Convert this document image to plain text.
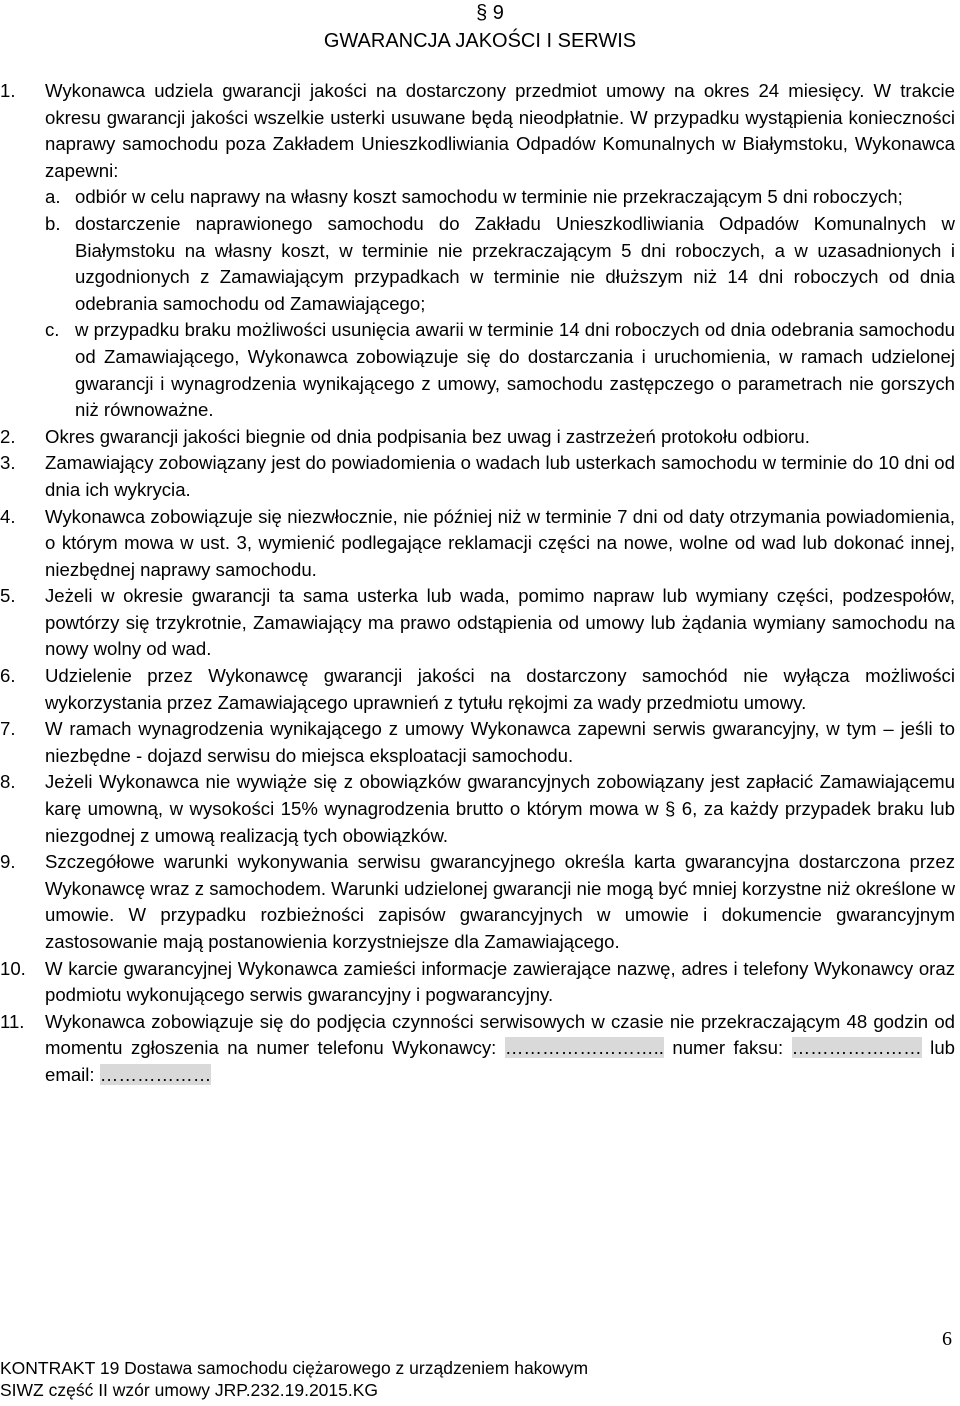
§ 9
GWARANCJA JAKOŚCI I SERWIS
1. Wykonawca udziela gwarancji jakości na dostarczony przedmiot umowy na okres 24 miesięcy. W trakcie okresu gwarancji jakości wszelkie usterki usuwane będą nieodpłatnie. W przypadku wystąpienia konieczności naprawy samochodu poza Zakładem Unieszkodliwiania Odpadów Komunalnych w Białymstoku, Wykonawca zapewni:
a. odbiór w celu naprawy na własny koszt samochodu w terminie nie przekraczającym 5 dni roboczych;
b. dostarczenie naprawionego samochodu do Zakładu Unieszkodliwiania Odpadów Komunalnych w Białymstoku na własny koszt, w terminie nie przekraczającym 5 dni roboczych, a w uzasadnionych i uzgodnionych z Zamawiającym przypadkach w terminie nie dłuższym niż 14 dni roboczych od dnia odebrania samochodu od Zamawiającego;
c. w przypadku braku możliwości usunięcia awarii w terminie 14 dni roboczych od dnia odebrania samochodu od Zamawiającego, Wykonawca zobowiązuje się do dostarczania i uruchomienia, w ramach udzielonej gwarancji i wynagrodzenia wynikającego z umowy, samochodu zastępczego o parametrach nie gorszych niż równoważne.
2. Okres gwarancji jakości biegnie od dnia podpisania bez uwag i zastrzeżeń protokołu odbioru.
3. Zamawiający zobowiązany jest do powiadomienia o wadach lub usterkach samochodu w terminie do 10 dni od dnia ich wykrycia.
4. Wykonawca zobowiązuje się niezwłocznie, nie później niż w terminie 7 dni od daty otrzymania powiadomienia, o którym mowa w ust. 3, wymienić podlegające reklamacji części na nowe, wolne od wad lub dokonać innej, niezbędnej naprawy samochodu.
5. Jeżeli w okresie gwarancji ta sama usterka lub wada, pomimo napraw lub wymiany części, podzespołów, powtórzy się trzykrotnie, Zamawiający ma prawo odstąpienia od umowy lub żądania wymiany samochodu na nowy wolny od wad.
6. Udzielenie przez Wykonawcę gwarancji jakości na dostarczony samochód nie wyłącza możliwości wykorzystania przez Zamawiającego uprawnień z tytułu rękojmi za wady przedmiotu umowy.
7. W ramach wynagrodzenia wynikającego z umowy Wykonawca zapewni serwis gwarancyjny, w tym – jeśli to niezbędne - dojazd serwisu do miejsca eksploatacji samochodu.
8. Jeżeli Wykonawca nie wywiąże się z obowiązków gwarancyjnych zobowiązany jest zapłacić Zamawiającemu karę umowną, w wysokości 15% wynagrodzenia brutto o którym mowa w § 6, za każdy przypadek braku lub niezgodnej z umową realizacją tych obowiązków.
9. Szczegółowe warunki wykonywania serwisu gwarancyjnego określa karta gwarancyjna dostarczona przez Wykonawcę wraz z samochodem. Warunki udzielonej gwarancji nie mogą być mniej korzystne niż określone w umowie. W przypadku rozbieżności zapisów gwarancyjnych w umowie i dokumencie gwarancyjnym zastosowanie mają postanowienia korzystniejsze dla Zamawiającego.
10. W karcie gwarancyjnej Wykonawca zamieści informacje zawierające nazwę, adres i telefony Wykonawcy oraz podmiotu wykonującego serwis gwarancyjny i pogwarancyjny.
11. Wykonawca zobowiązuje się do podjęcia czynności serwisowych w czasie nie przekraczającym 48 godzin od momentu zgłoszenia na numer telefonu Wykonawcy: …………………….. numer faksu: ………………… lub email: ………………
6
KONTRAKT 19 Dostawa samochodu ciężarowego z urządzeniem hakowym
SIWZ część II wzór umowy JRP.232.19.2015.KG
